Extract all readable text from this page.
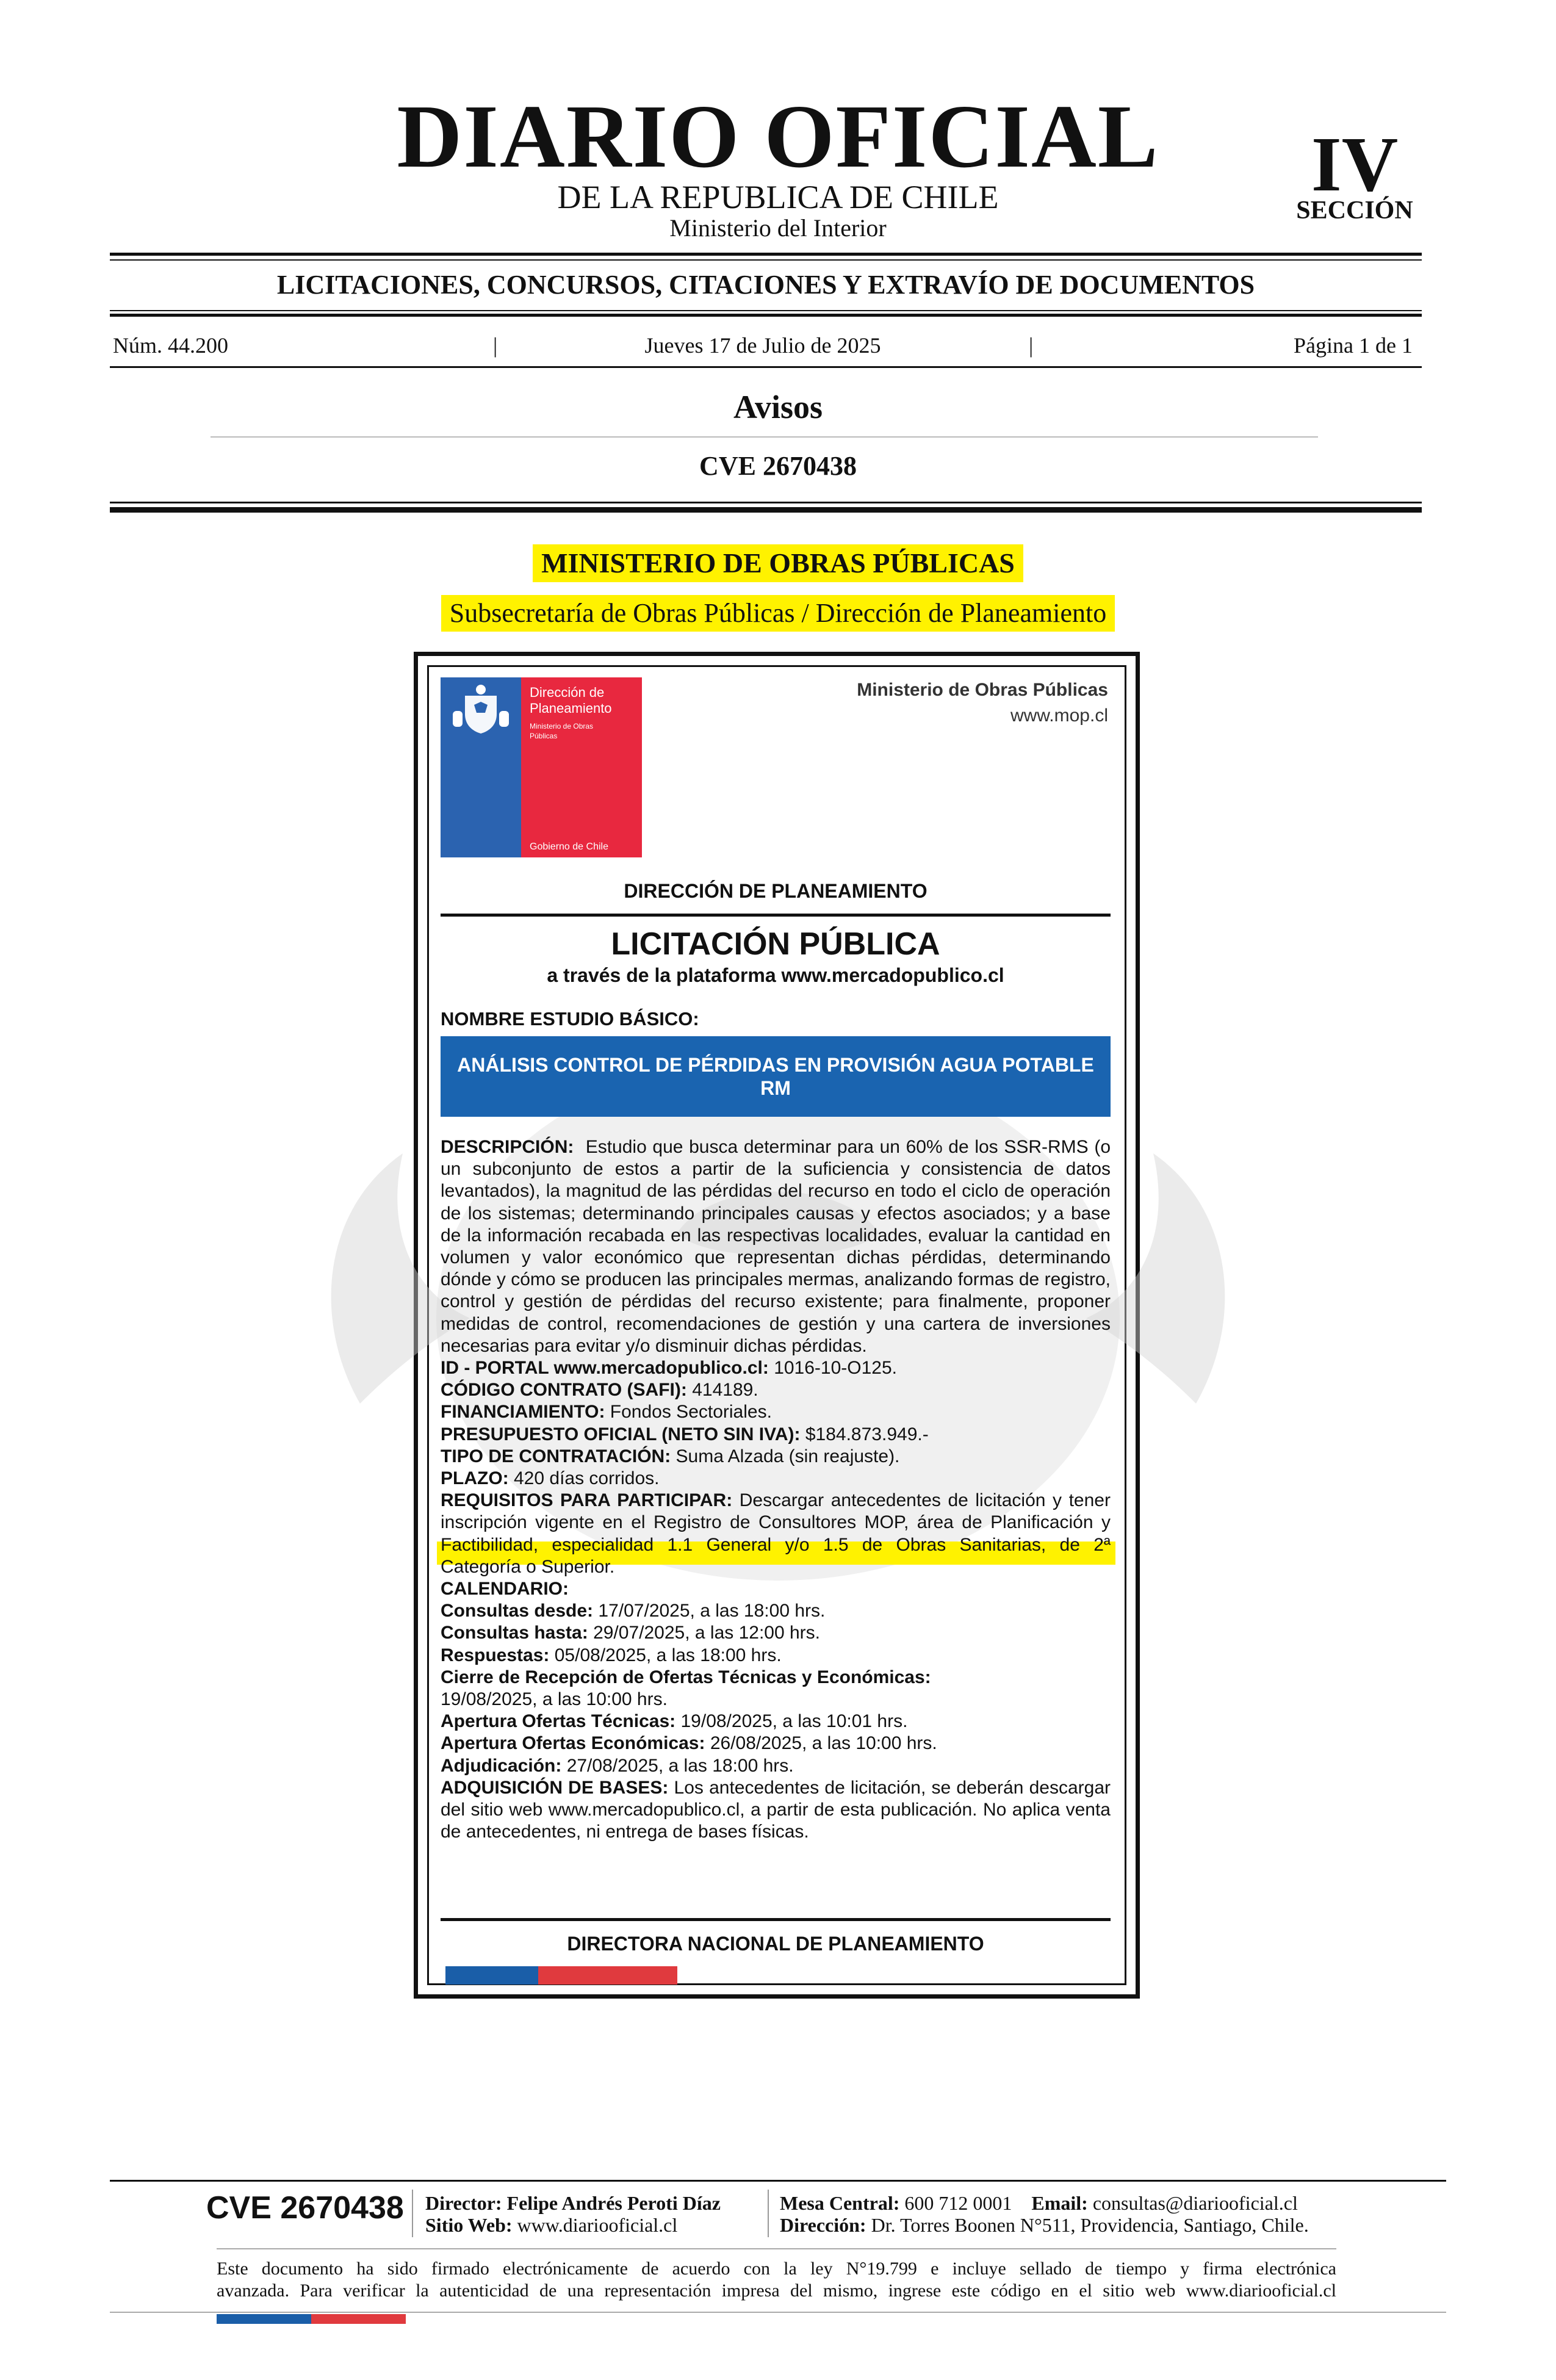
DIARIO OFICIAL
DE LA REPUBLICA DE CHILE
Ministerio del Interior
IV
SECCIÓN
LICITACIONES, CONCURSOS, CITACIONES Y EXTRAVÍO DE DOCUMENTOS
Núm. 44.200	|	Jueves 17 de Julio de 2025	|	Página 1 de 1
Avisos
CVE 2670438
MINISTERIO DE OBRAS PÚBLICAS
Subsecretaría de Obras Públicas / Dirección de Planeamiento
Dirección de
Planeamiento
Ministerio de Obras
Públicas
Gobierno de Chile
Ministerio de Obras Públicas
www.mop.cl
DIRECCIÓN DE PLANEAMIENTO
LICITACIÓN PÚBLICA
a través de la plataforma www.mercadopublico.cl
NOMBRE ESTUDIO BÁSICO:
ANÁLISIS CONTROL DE PÉRDIDAS EN PROVISIÓN AGUA POTABLE
RM

DESCRIPCIÓN: Estudio que busca determinar para un 60% de los SSR-RMS (o un subconjunto de estos a partir de la suficiencia y consistencia de datos levantados), la magnitud de las pérdidas del recurso en todo el ciclo de operación de los sistemas; determinando principales causas y efectos asociados; y a base de la información recabada en las respectivas localidades, evaluar la cantidad en volumen y valor económico que representan dichas pérdidas, determinando dónde y cómo se producen las principales mermas, analizando formas de registro, control y gestión de pérdidas del recurso existente; para finalmente, proponer medidas de control, recomendaciones de gestión y una cartera de inversiones necesarias para evitar y/o disminuir dichas pérdidas.

ID - PORTAL www.mercadopublico.cl: 1016-10-O125.

CÓDIGO CONTRATO (SAFI): 414189.

FINANCIAMIENTO: Fondos Sectoriales.

PRESUPUESTO OFICIAL (NETO SIN IVA): $184.873.949.-

TIPO DE CONTRATACIÓN: Suma Alzada (sin reajuste).

PLAZO: 420 días corridos.

REQUISITOS PARA PARTICIPAR: Descargar antecedentes de licitación y tener inscripción vigente en el Registro de Consultores MOP, área de Planificación y Factibilidad, especialidad 1.1 General y/o 1.5 de Obras Sanitarias, de 2ª Categoría o Superior.

CALENDARIO:

Consultas desde: 17/07/2025, a las 18:00 hrs.

Consultas hasta: 29/07/2025, a las 12:00 hrs.

Respuestas: 05/08/2025, a las 18:00 hrs.

Cierre de Recepción de Ofertas Técnicas y Económicas:

19/08/2025, a las 10:00 hrs.

Apertura Ofertas Técnicas: 19/08/2025, a las 10:01 hrs.

Apertura Ofertas Económicas: 26/08/2025, a las 10:00 hrs.

Adjudicación: 27/08/2025, a las 18:00 hrs.

ADQUISICIÓN DE BASES: Los antecedentes de licitación, se deberán descargar del sitio web www.mercadopublico.cl, a partir de esta publicación. No aplica venta de antecedentes, ni entrega de bases físicas.

DIRECTORA NACIONAL DE PLANEAMIENTO
CVE 2670438 Director: Felipe Andrés Peroti Díaz
Sitio Web: www.diariooficial.cl
Mesa Central: 600 712 0001 Email: consultas@diariooficial.cl
Dirección: Dr. Torres Boonen N°511, Providencia, Santiago, Chile.
Este documento ha sido firmado electrónicamente de acuerdo con la ley N°19.799 e incluye sellado de tiempo y firma electrónica
avanzada. Para verificar la autenticidad de una representación impresa del mismo, ingrese este código en el sitio web www.diariooficial.cl
